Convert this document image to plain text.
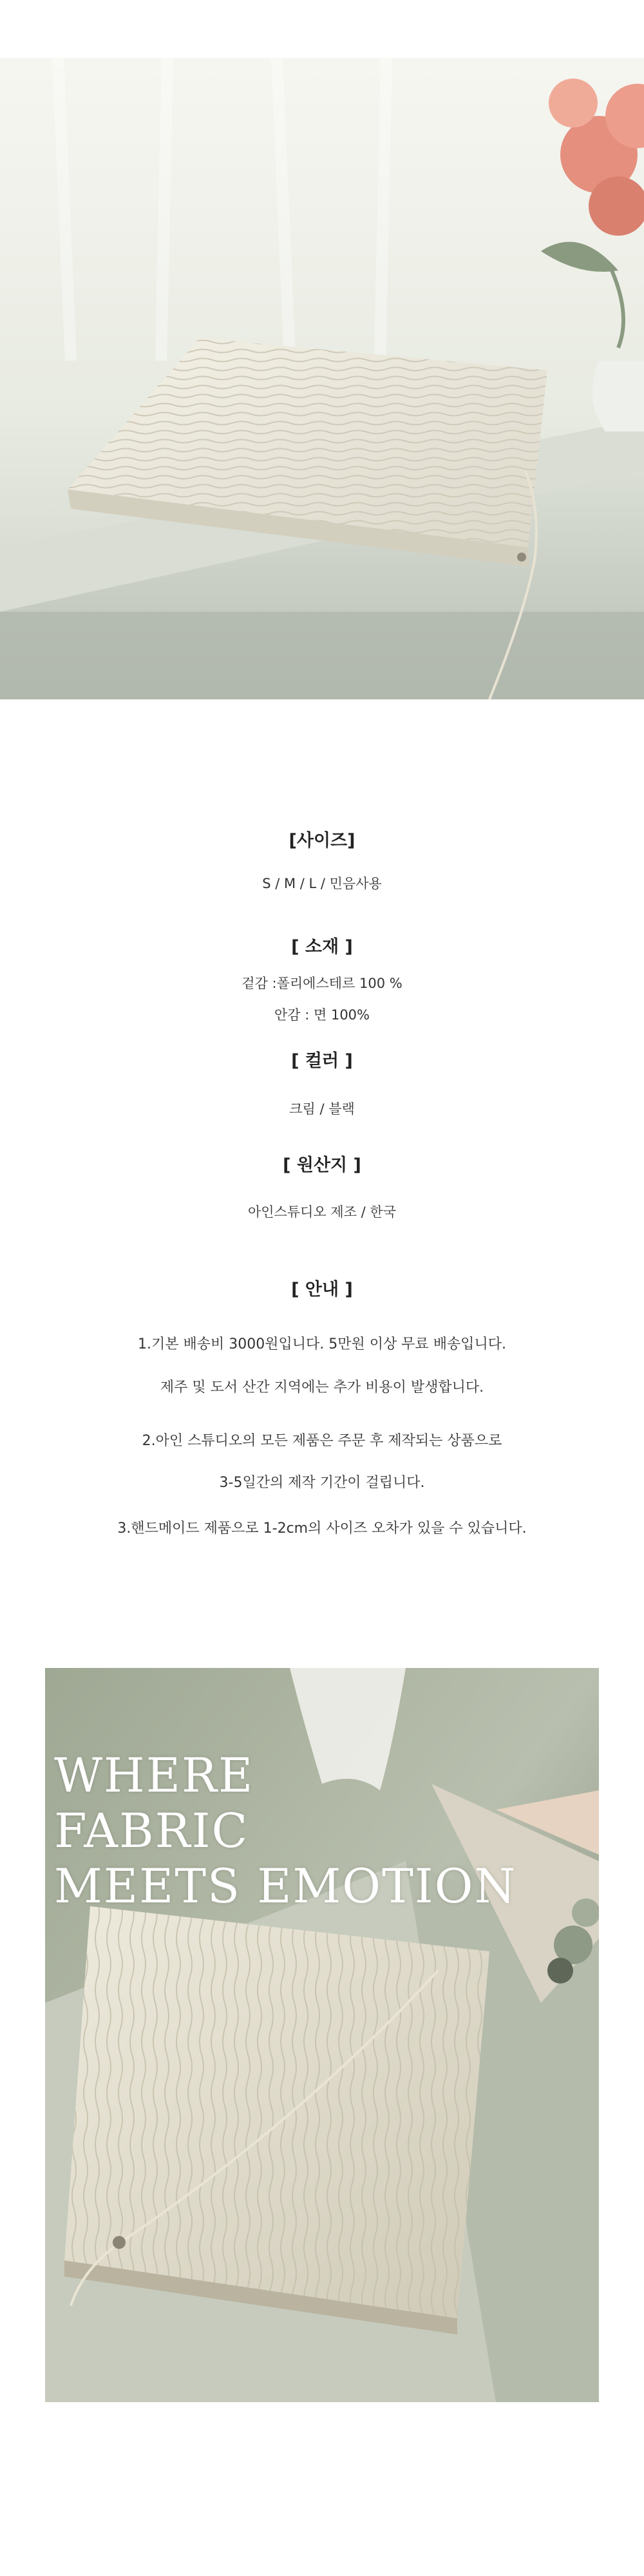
[사이즈]
S / M / L / 민음사용
[ 소재 ]
겉감 :폴리에스테르 100 %
안감 : 면 100%
[ 컬러 ]
크림 / 블랙
[ 원산지 ]
아인스튜디오 제조 / 한국
[ 안내 ]
1.기본 배송비 3000원입니다. 5만원 이상 무료 배송입니다.
제주 및 도서 산간 지역에는 추가 비용이 발생합니다.
2.아인 스튜디오의 모든 제품은 주문 후 제작되는 상품으로
3-5일간의 제작 기간이 걸립니다.
3.핸드메이드 제품으로 1-2cm의 사이즈 오차가 있을 수 있습니다.
WHERE
FABRIC
MEETS EMOTION
